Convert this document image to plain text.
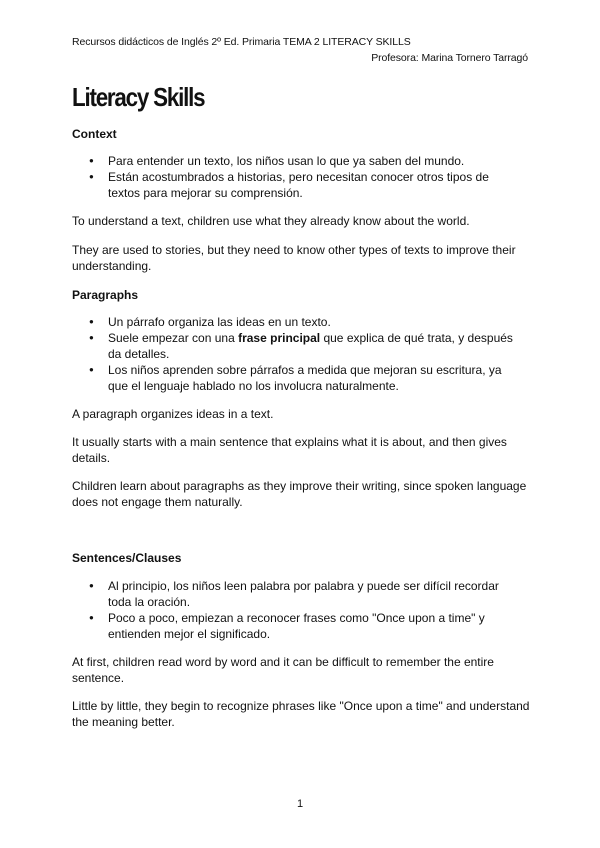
Recursos didácticos de Inglés 2º Ed. Primaria TEMA 2 LITERACY SKILLS
Profesora: Marina Tornero Tarragó
Literacy Skills
Context
● Para entender un texto, los niños usan lo que ya saben del mundo.
● Están acostumbrados a historias, pero necesitan conocer otros tipos de textos para mejorar su comprensión.

To understand a text, children use what they already know about the world.

They are used to stories, but they need to know other types of texts to improve their understanding.

Paragraphs
● Un párrafo organiza las ideas en un texto.
● Suele empezar con una frase principal que explica de qué trata, y después da detalles.
● Los niños aprenden sobre párrafos a medida que mejoran su escritura, ya que el lenguaje hablado no los involucra naturalmente.

A paragraph organizes ideas in a text.

It usually starts with a main sentence that explains what it is about, and then gives details.

Children learn about paragraphs as they improve their writing, since spoken language does not engage them naturally.

Sentences/Clauses
● Al principio, los niños leen palabra por palabra y puede ser difícil recordar toda la oración.
● Poco a poco, empiezan a reconocer frases como "Once upon a time" y entienden mejor el significado.

At first, children read word by word and it can be difficult to remember the entire sentence.

Little by little, they begin to recognize phrases like "Once upon a time" and understand the meaning better.

1
